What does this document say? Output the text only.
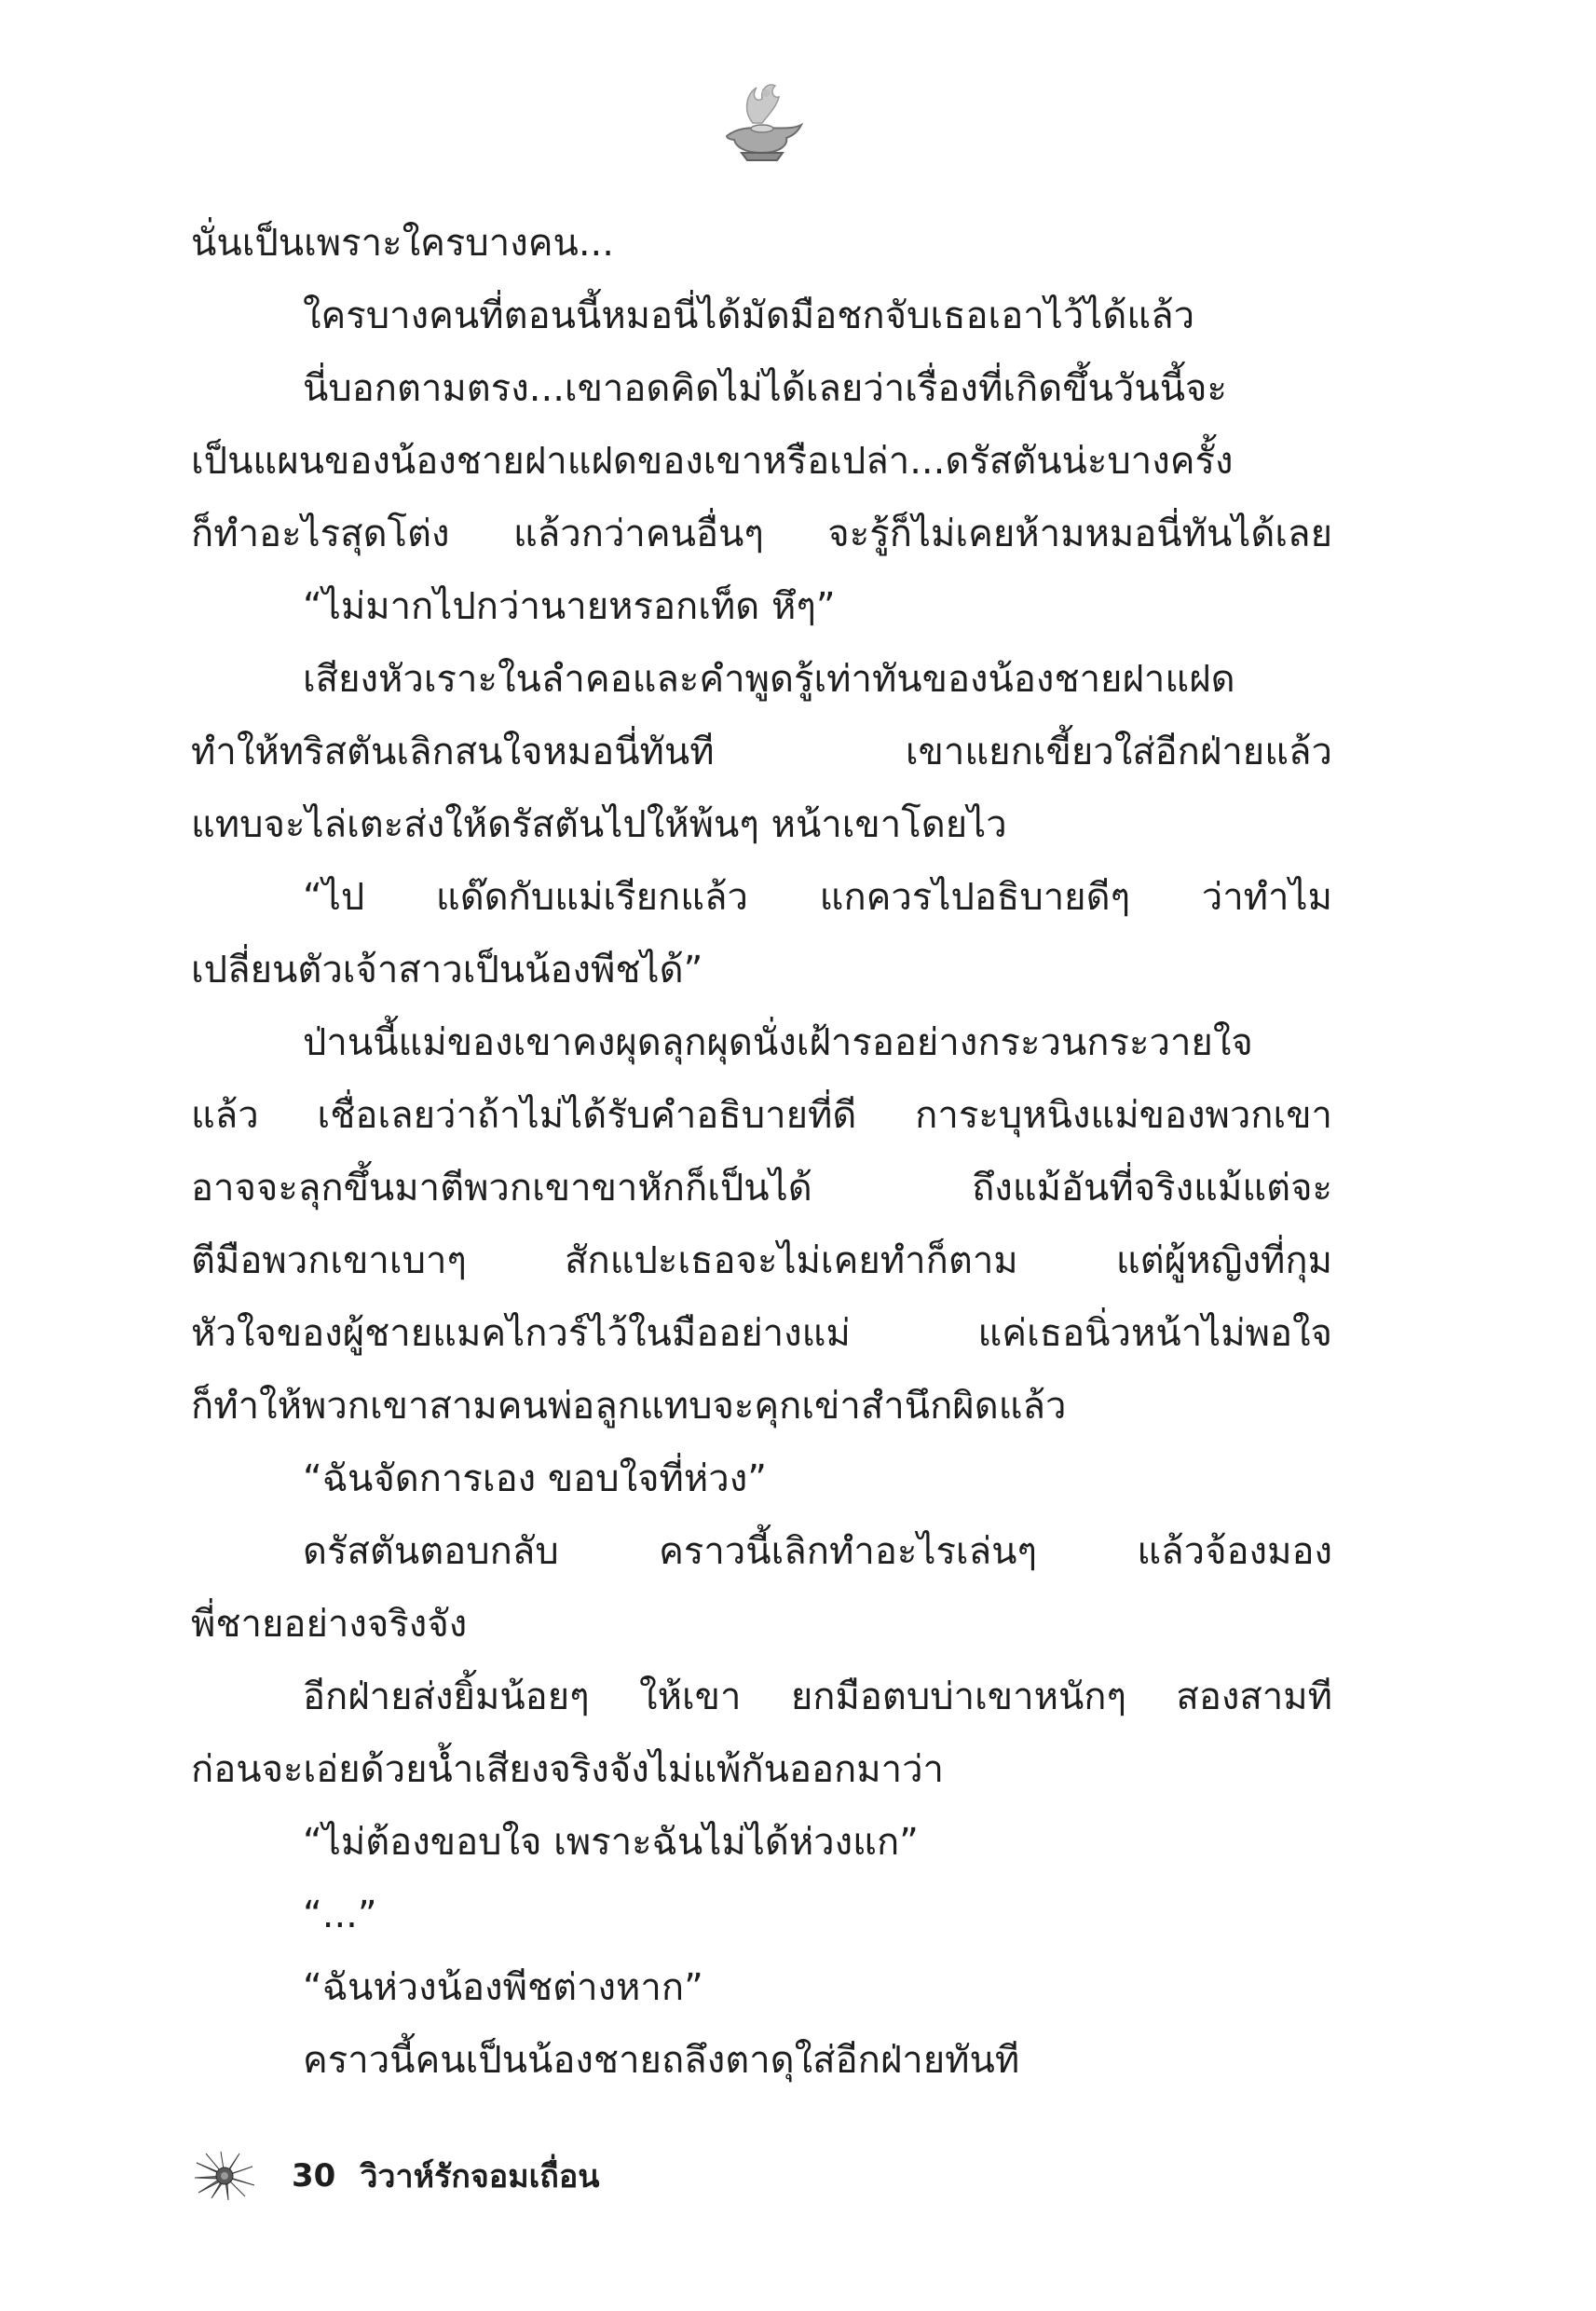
นั่นเป็นเพราะใครบางคน...
ใครบางคนที่ตอนนี้หมอนี่ได้มัดมือชกจับเธอเอาไว้ได้แล้ว
นี่บอกตามตรง...เขาอดคิดไม่ได้เลยว่าเรื่องที่เกิดขึ้นวันนี้จะ
เป็นแผนของน้องชายฝาแฝดของเขาหรือเปล่า...ดรัสตันน่ะบางครั้ง
ก็ทำอะไรสุดโต่ง แล้วกว่าคนอื่นๆ จะรู้ก็ไม่เคยห้ามหมอนี่ทันได้เลย
“ไม่มากไปกว่านายหรอกเท็ด หึๆ”
เสียงหัวเราะในลำคอและคำพูดรู้เท่าทันของน้องชายฝาแฝด
ทำให้ทริสตันเลิกสนใจหมอนี่ทันที เขาแยกเขี้ยวใส่อีกฝ่ายแล้ว
แทบจะไล่เตะส่งให้ดรัสตันไปให้พ้นๆ หน้าเขาโดยไว
“ไป แด๊ดกับแม่เรียกแล้ว แกควรไปอธิบายดีๆ ว่าทำไม
เปลี่ยนตัวเจ้าสาวเป็นน้องพีชได้”
ป่านนี้แม่ของเขาคงผุดลุกผุดนั่งเฝ้ารออย่างกระวนกระวายใจ
แล้ว เชื่อเลยว่าถ้าไม่ได้รับคำอธิบายที่ดี การะบุหนิงแม่ของพวกเขา
อาจจะลุกขึ้นมาตีพวกเขาขาหักก็เป็นได้ ถึงแม้อันที่จริงแม้แต่จะ
ตีมือพวกเขาเบาๆ สักแปะเธอจะไม่เคยทำก็ตาม แต่ผู้หญิงที่กุม
หัวใจของผู้ชายแมคไกวร์ไว้ในมืออย่างแม่ แค่เธอนิ่วหน้าไม่พอใจ
ก็ทำให้พวกเขาสามคนพ่อลูกแทบจะคุกเข่าสำนึกผิดแล้ว
“ฉันจัดการเอง ขอบใจที่ห่วง”
ดรัสตันตอบกลับ คราวนี้เลิกทำอะไรเล่นๆ แล้วจ้องมอง
พี่ชายอย่างจริงจัง
อีกฝ่ายส่งยิ้มน้อยๆ ให้เขา ยกมือตบบ่าเขาหนักๆ สองสามที
ก่อนจะเอ่ยด้วยน้ำเสียงจริงจังไม่แพ้กันออกมาว่า
“ไม่ต้องขอบใจ เพราะฉันไม่ได้ห่วงแก”
“...”
“ฉันห่วงน้องพีชต่างหาก”
คราวนี้คนเป็นน้องชายถลึงตาดุใส่อีกฝ่ายทันที
30 วิวาห์รักจอมเถื่อน
